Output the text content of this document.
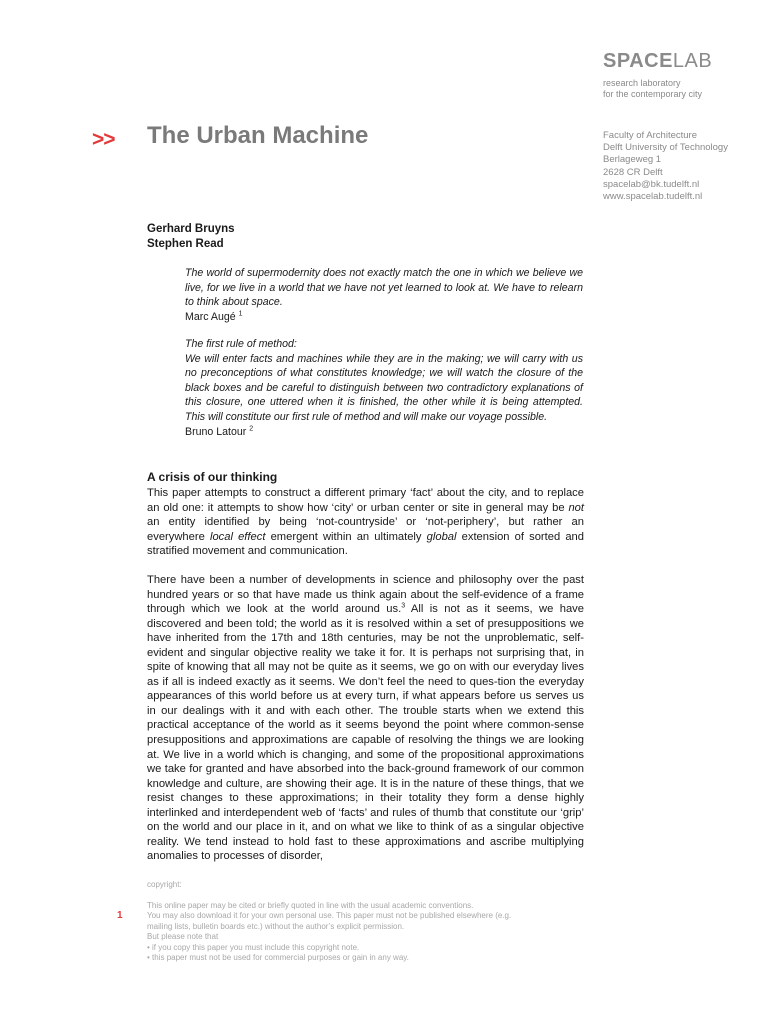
SPACELAB
research laboratory
for the contemporary city
Faculty of Architecture
Delft University of Technology
Berlageweg 1
2628 CR Delft
spacelab@bk.tudelft.nl
www.spacelab.tudelft.nl
>> The Urban Machine
Gerhard Bruyns
Stephen Read
The world of supermodernity does not exactly match the one in which we believe we live, for we live in a world that we have not yet learned to look at. We have to relearn to think about space.
Marc Augé $^1$
The first rule of method:
We will enter facts and machines while they are in the making; we will carry with us no preconceptions of what constitutes knowledge; we will watch the closure of the black boxes and be careful to distinguish between two contradictory explanations of this closure, one uttered when it is finished, the other while it is being attempted. This will constitute our first rule of method and will make our voyage possible.
Bruno Latour $^2$
A crisis of our thinking

This paper attempts to construct a different primary ‘fact’ about the city, and to replace an old one: it attempts to show how ‘city’ or urban center or site in general may be not an entity identified by being ‘not-countryside’ or ‘not-periphery’, but rather an everywhere local effect emergent within an ultimately global extension of sorted and stratified movement and communication.

There have been a number of developments in science and philosophy over the past hundred years or so that have made us think again about the self-evidence of a frame through which we look at the world around us.$^3$ All is not as it seems, we have discovered and been told; the world as it is resolved within a set of presuppositions we have inherited from the 17th and 18th centuries, may be not the unproblematic, self-evident and singular objective reality we take it for. It is perhaps not surprising that, in spite of knowing that all may not be quite as it seems, we go on with our everyday lives as if all is indeed exactly as it seems. We don’t feel the need to ques-tion the everyday appearances of this world before us at every turn, if what appears before us serves us in our dealings with it and with each other. The trouble starts when we extend this practical acceptance of the world as it seems beyond the point where common-sense presuppositions and approximations are capable of resolving the things we are looking at. We live in a world which is changing, and some of the propositional approximations we take for granted and have absorbed into the back-ground framework of our common knowledge and culture, are showing their age. It is in the nature of these things, that we resist changes to these approximations; in their totality they form a dense highly interlinked and interdependent web of ‘facts’ and rules of thumb that constitute our ‘grip’ on the world and our place in it, and on what we like to think of as a singular objective reality. We tend instead to hold fast to these approximations and ascribe multiplying anomalies to processes of disorder,

1
copyright:
This online paper may be cited or briefly quoted in line with the usual academic conventions.
You may also download it for your own personal use. This paper must not be published elsewhere (e.g.
mailing lists, bulletin boards etc.) without the author’s explicit permission.
But please note that
• if you copy this paper you must include this copyright note.
• this paper must not be used for commercial purposes or gain in any way.
